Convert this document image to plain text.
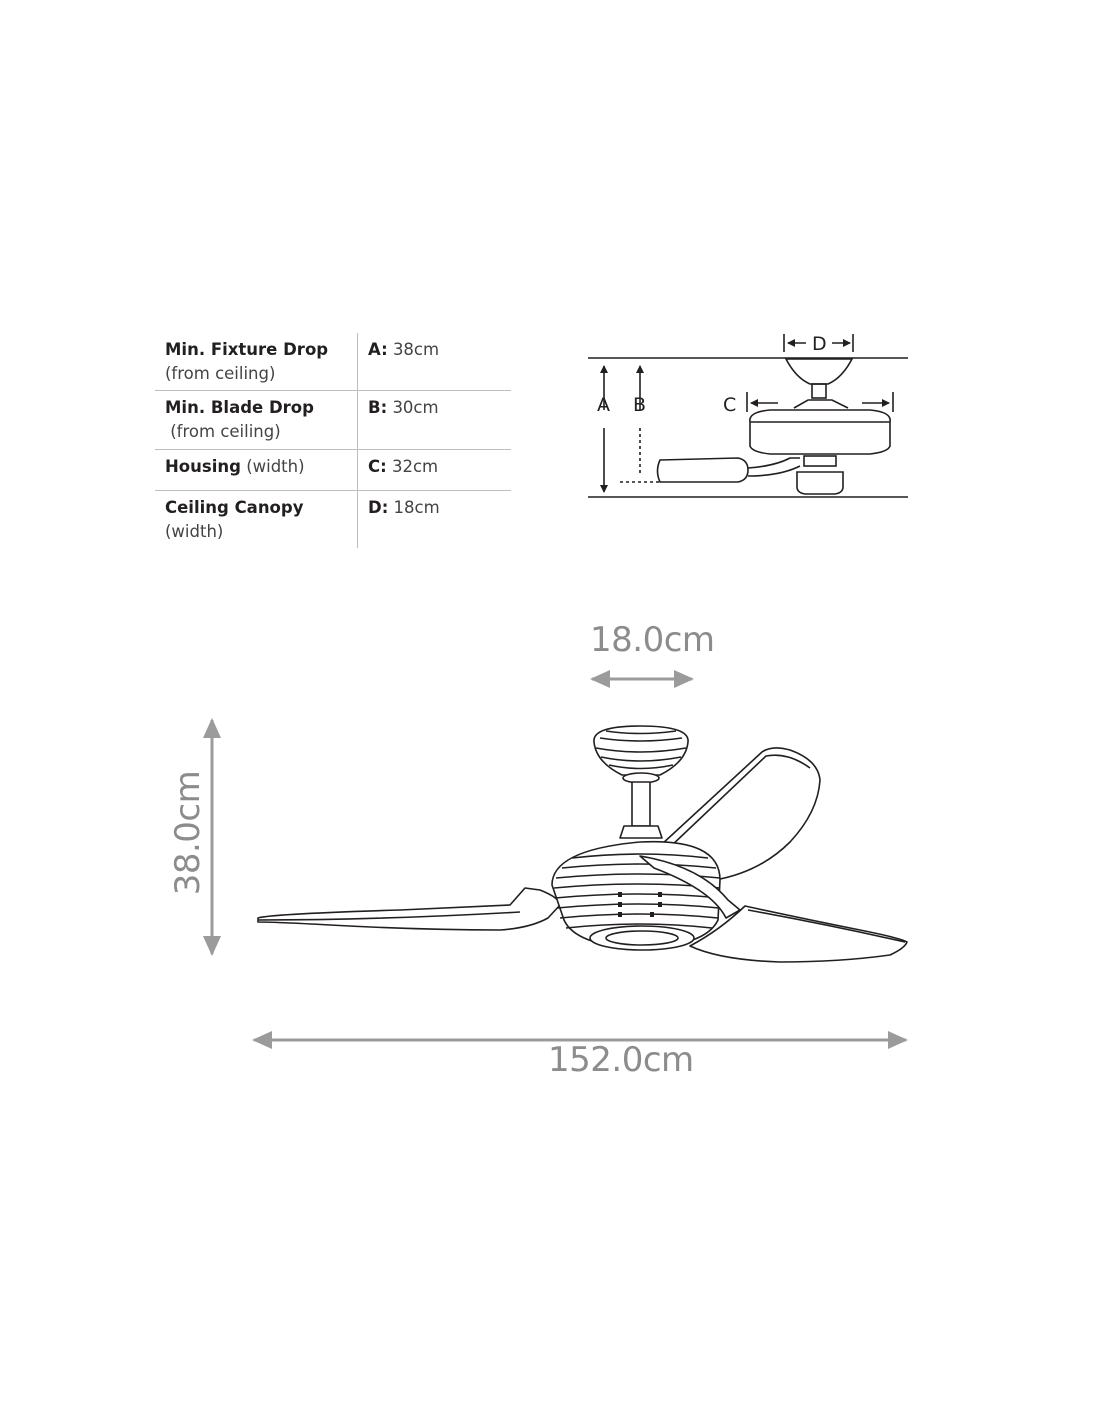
Min. Fixture Drop
(from ceiling)
A: 38cm
Min. Blade Drop
(from ceiling)
B: 30cm
Housing (width)	C: 32cm
Ceiling Canopy
(width)
D: 18cm
A B	C
D
18.0cm
38.0cm
152.0cm
